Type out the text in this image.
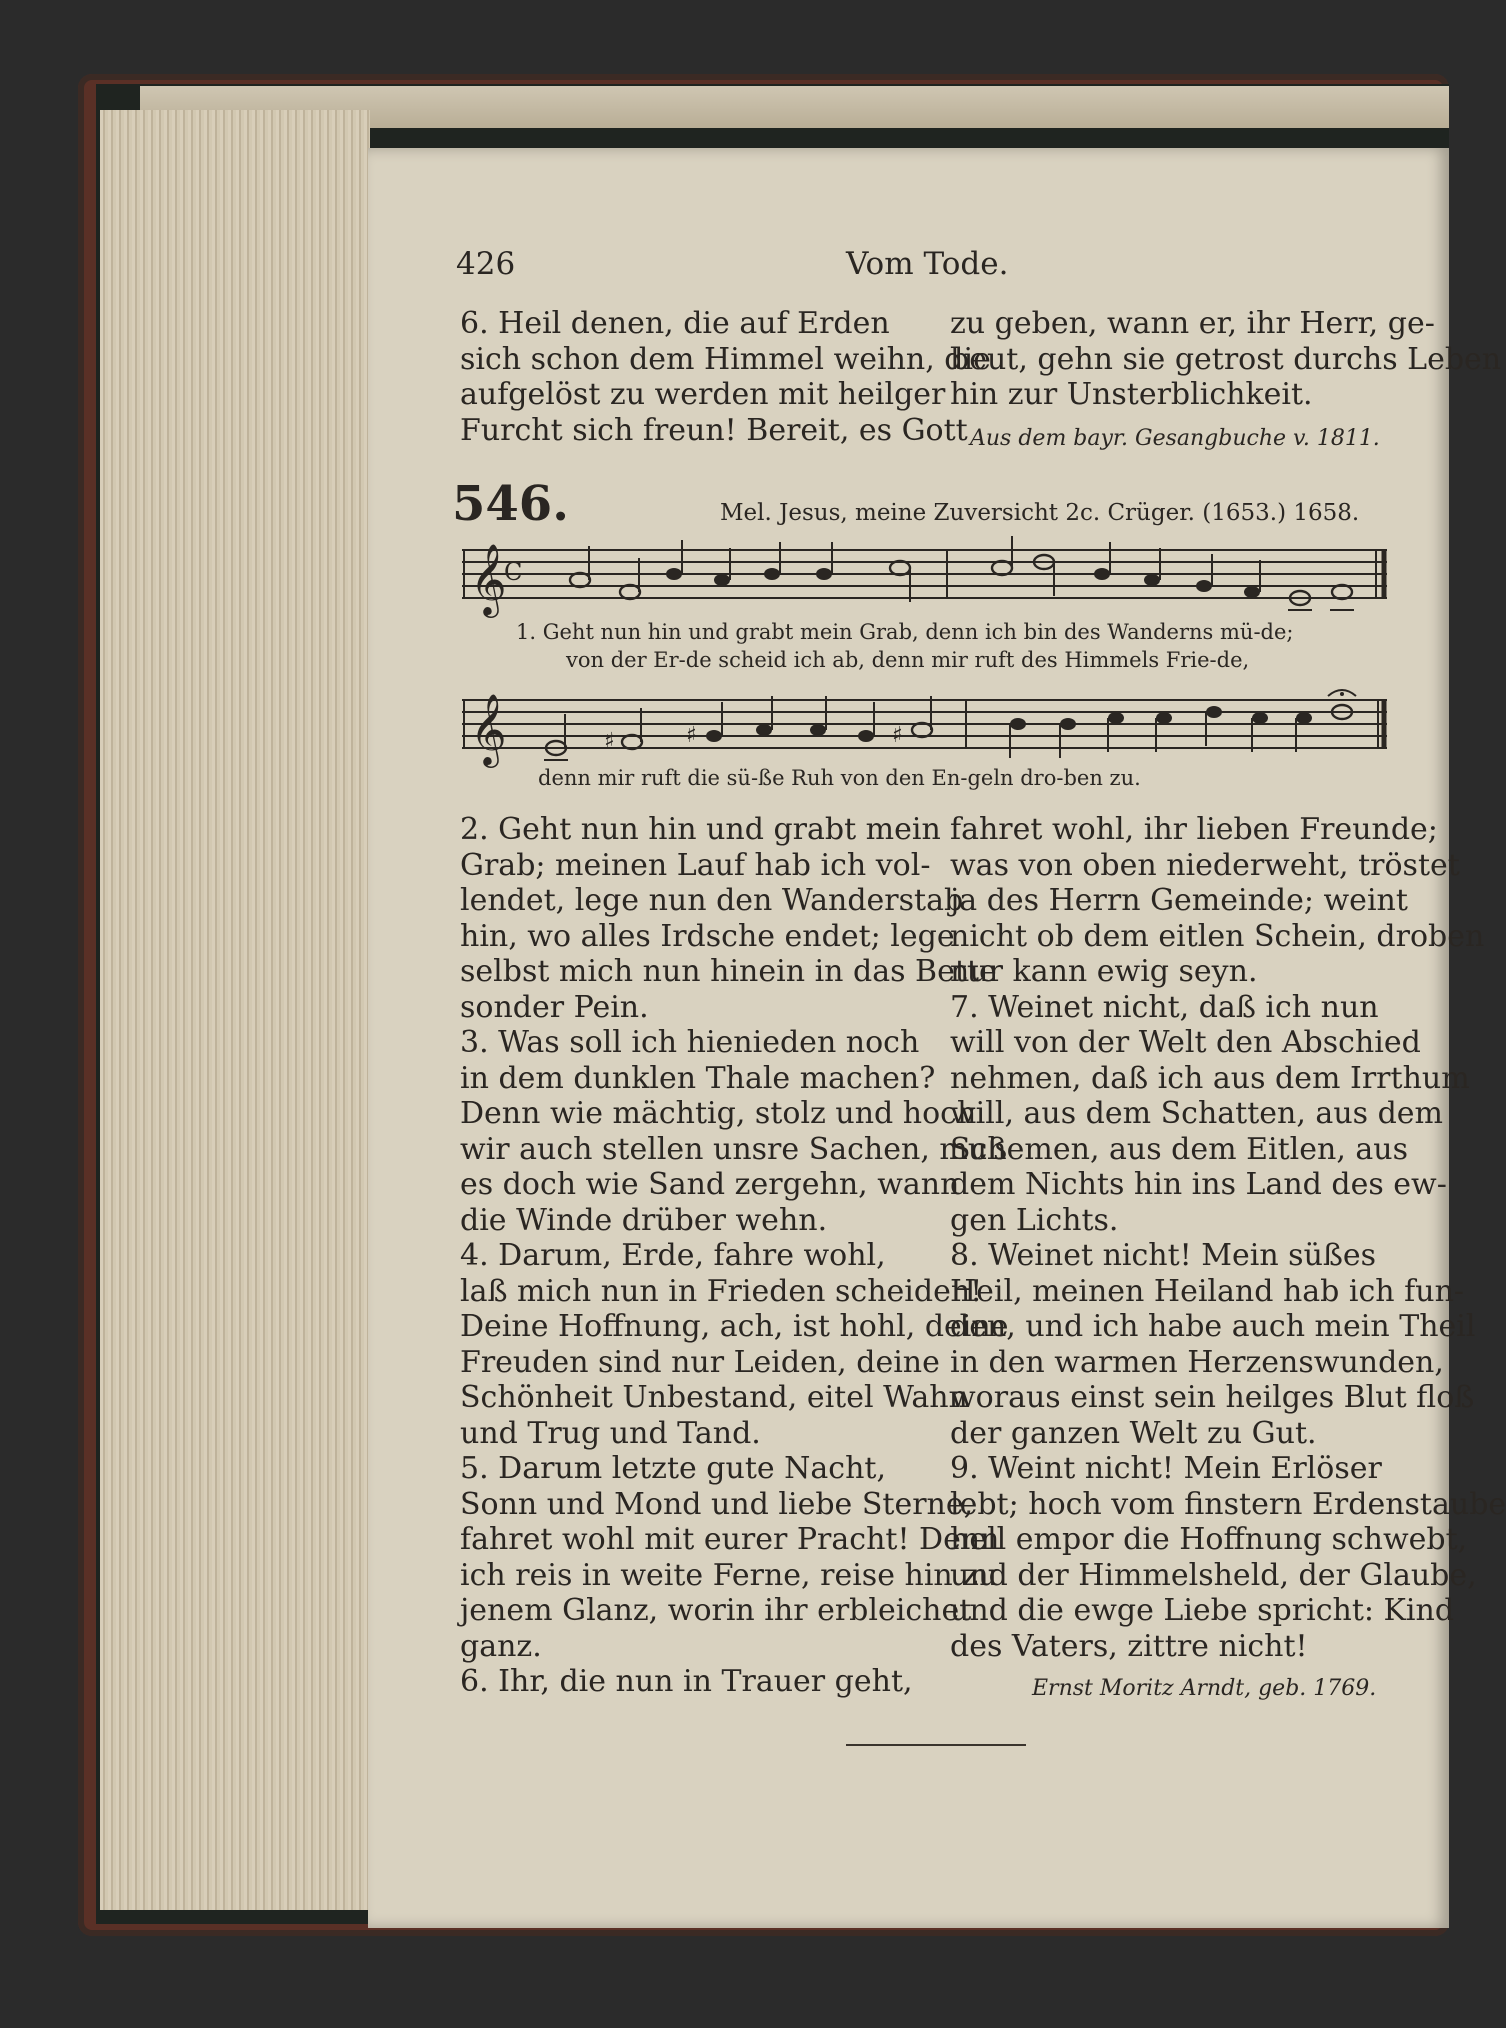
426	Vom Tode.

6. Heil denen, die auf Erden

sich schon dem Himmel weihn, die

aufgelöst zu werden mit heilger

Furcht sich freun! Bereit, es Gott

zu geben, wann er, ihr Herr, ge-

beut, gehn sie getrost durchs Leben

hin zur Unsterblichkeit.

Aus dem bayr. Gesangbuche v. 1811.
546.	Mel. Jesus, meine Zuversicht 2c. Crüger. (1653.) 1658.
𝄞
C
1. Geht nun hin und grabt mein Grab, denn ich bin des Wanderns mü-de;
von der Er-de scheid ich ab, denn mir ruft des Himmels Frie-de,
𝄞	♯	♯	♯
denn mir ruft die sü-ße Ruh von den En-geln dro-ben zu.

2. Geht nun hin und grabt mein

Grab; meinen Lauf hab ich vol-

lendet, lege nun den Wanderstab

hin, wo alles Irdsche endet; lege

selbst mich nun hinein in das Bette

sonder Pein.

3. Was soll ich hienieden noch

in dem dunklen Thale machen?

Denn wie mächtig, stolz und hoch

wir auch stellen unsre Sachen, muß

es doch wie Sand zergehn, wann

die Winde drüber wehn.

4. Darum, Erde, fahre wohl,

laß mich nun in Frieden scheiden!

Deine Hoffnung, ach, ist hohl, deine

Freuden sind nur Leiden, deine

Schönheit Unbestand, eitel Wahn

und Trug und Tand.

5. Darum letzte gute Nacht,

Sonn und Mond und liebe Sterne,

fahret wohl mit eurer Pracht! Denn

ich reis in weite Ferne, reise hin zu

jenem Glanz, worin ihr erbleichet

ganz.

6. Ihr, die nun in Trauer geht,

fahret wohl, ihr lieben Freunde;

was von oben niederweht, tröstet

ja des Herrn Gemeinde; weint

nicht ob dem eitlen Schein, droben

nur kann ewig seyn.

7. Weinet nicht, daß ich nun

will von der Welt den Abschied

nehmen, daß ich aus dem Irrthum

will, aus dem Schatten, aus dem

Schemen, aus dem Eitlen, aus

dem Nichts hin ins Land des ew-

gen Lichts.

8. Weinet nicht! Mein süßes

Heil, meinen Heiland hab ich fun-

den, und ich habe auch mein Theil

in den warmen Herzenswunden,

woraus einst sein heilges Blut floß

der ganzen Welt zu Gut.

9. Weint nicht! Mein Erlöser

lebt; hoch vom finstern Erdenstaube

hell empor die Hoffnung schwebt,

und der Himmelsheld, der Glaube,

und die ewge Liebe spricht: Kind

des Vaters, zittre nicht!

Ernst Moritz Arndt, geb. 1769.
